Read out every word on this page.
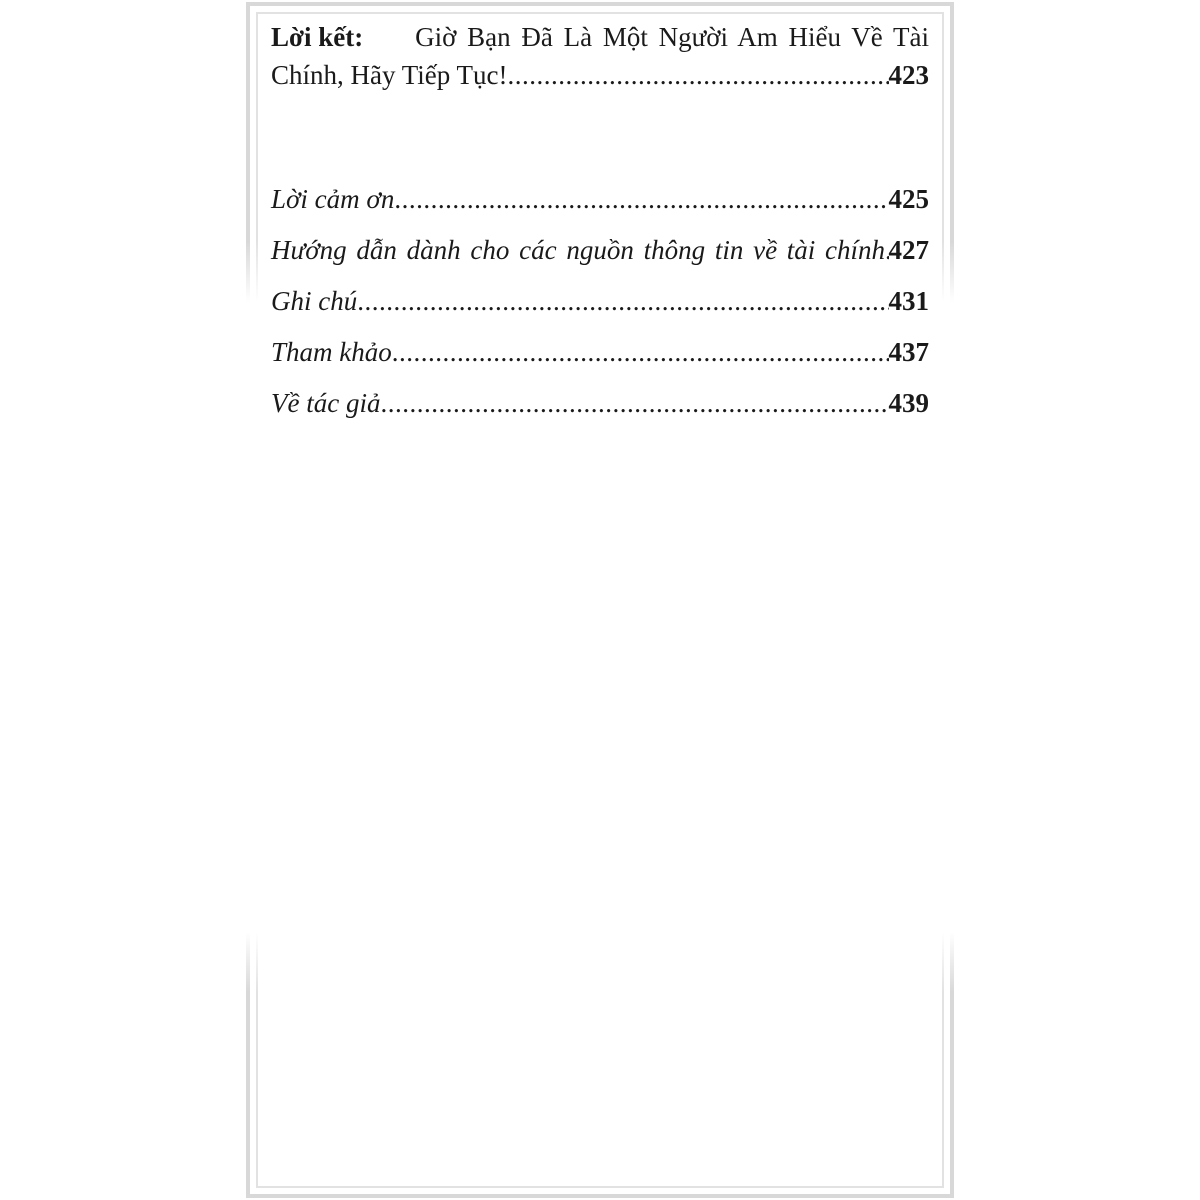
Lời kết: Giờ Bạn Đã Là Một Người Am Hiểu Về Tài
Chính, Hãy Tiếp Tục! .....	423
Lời cảm ơn .....	425
Hướng dẫn dành cho các nguồn thông tin về tài chính ..... 427
Ghi chú .....	431
Tham khảo .....	437
Về tác giả .....	439
